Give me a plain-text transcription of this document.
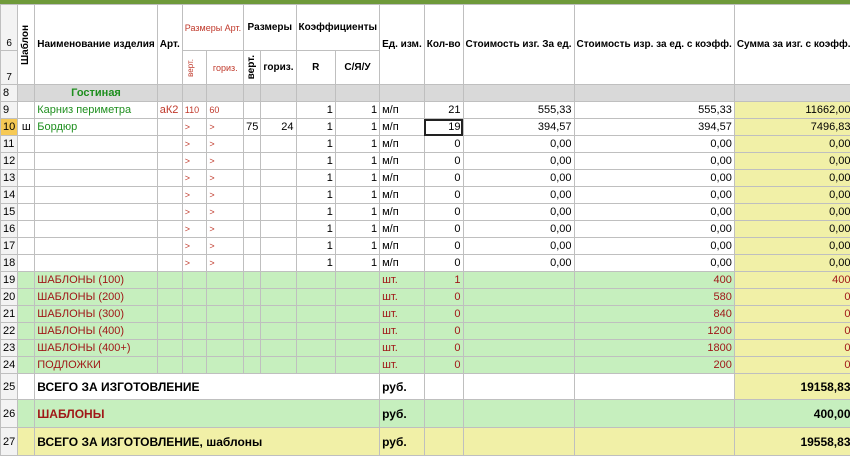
6	Шаблон	Наименование изделия	Арт.	Размеры Арт.		Размеры		Коэффициенты		Ед. изм.	Кол-во	Стоимость изг. За ед.	Стоимость изр. за ед. с коэфф.	Сумма за изг. с коэфф.
7				верт.	гориз.	верт.	гориз.	R	С/Я/У					
8		Гостиная												
9		Карниз периметра	аК2	110	60			1	1	м/п	21	555,33	555,33	11662,00
10	ш	Бордюр		>	>	75	24	1	1	м/п	19	394,57	394,57	7496,83
11				>	>			1	1	м/п	0	0,00	0,00	0,00
12				>	>			1	1	м/п	0	0,00	0,00	0,00
13				>	>			1	1	м/п	0	0,00	0,00	0,00
14				>	>			1	1	м/п	0	0,00	0,00	0,00
15				>	>			1	1	м/п	0	0,00	0,00	0,00
16				>	>			1	1	м/п	0	0,00	0,00	0,00
17				>	>			1	1	м/п	0	0,00	0,00	0,00
18				>	>			1	1	м/п	0	0,00	0,00	0,00
19		ШАБЛОНЫ (100)								шт.	1		400	400
20		ШАБЛОНЫ (200)								шт.	0		580	0
21		ШАБЛОНЫ (300)								шт.	0		840	0
22		ШАБЛОНЫ (400)								шт.	0		1200	0
23		ШАБЛОНЫ (400+)								шт.	0		1800	0
24		ПОДЛОЖКИ								шт.	0		200	0
25		ВСЕГО ЗА ИЗГОТОВЛЕНИЕ								руб.				19158,83
26		ШАБЛОНЫ								руб.				400,00
27		ВСЕГО ЗА ИЗГОТОВЛЕНИЕ, шаблоны								руб.				19558,83
